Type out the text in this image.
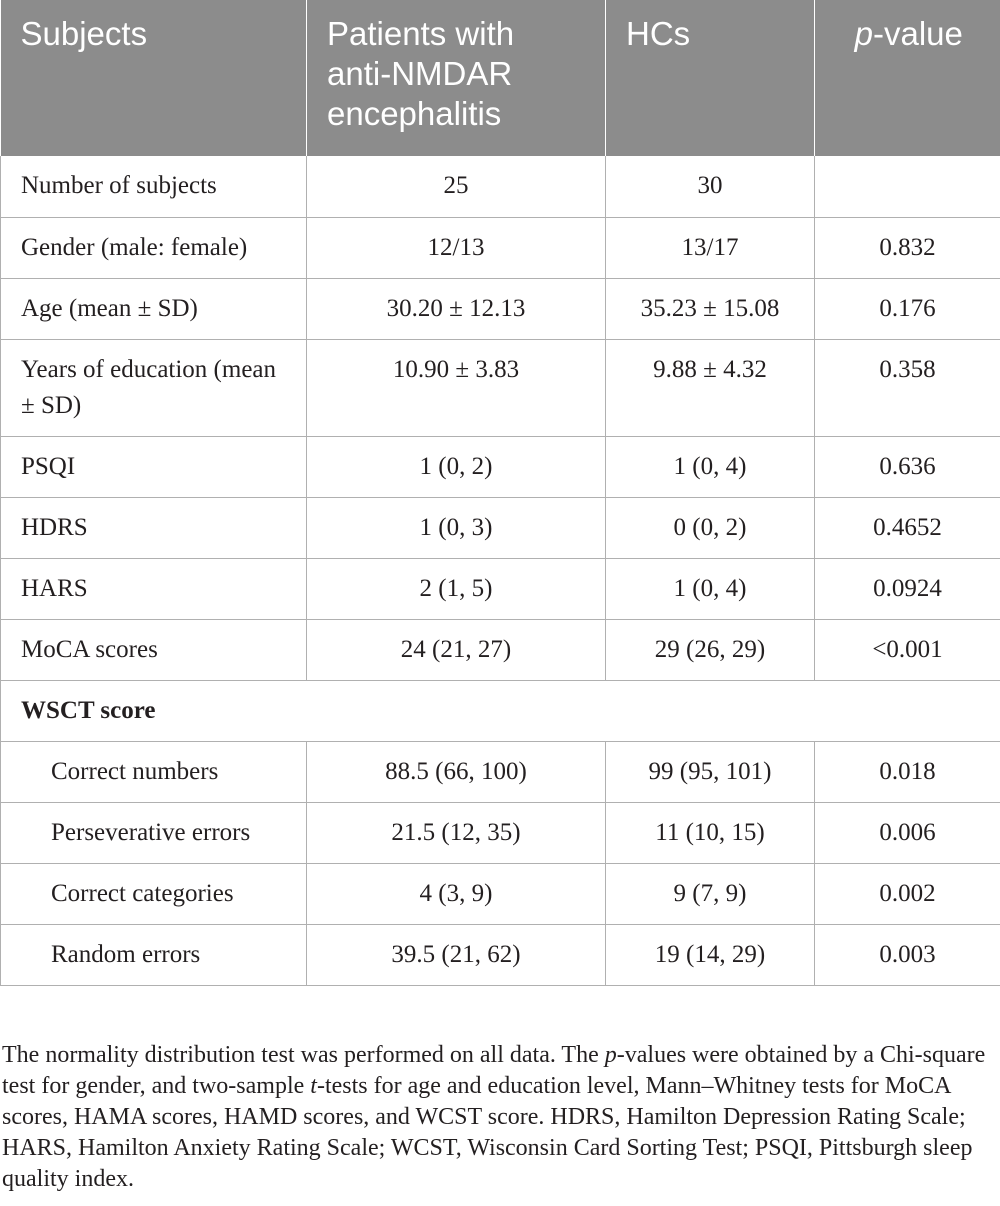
Subjects	Patients with anti-NMDAR encephalitis	HCs	p-value
Number of subjects	25	30	
Gender (male: female)	12/13	13/17	0.832
Age (mean ± SD)	30.20 ± 12.13	35.23 ± 15.08	0.176
Years of education (mean ± SD)	10.90 ± 3.83	9.88 ± 4.32	0.358
PSQI	1 (0, 2)	1 (0, 4)	0.636
HDRS	1 (0, 3)	0 (0, 2)	0.4652
HARS	2 (1, 5)	1 (0, 4)	0.0924
MoCA scores	24 (21, 27)	29 (26, 29)	<0.001
WSCT score			
Correct numbers	88.5 (66, 100)	99 (95, 101)	0.018
Perseverative errors	21.5 (12, 35)	11 (10, 15)	0.006
Correct categories	4 (3, 9)	9 (7, 9)	0.002
Random errors	39.5 (21, 62)	19 (14, 29)	0.003

The normality distribution test was performed on all data. The p-values were obtained by a Chi-square test for gender, and two-sample t-tests for age and education level, Mann–Whitney tests for MoCA scores, HAMA scores, HAMD scores, and WCST score. HDRS, Hamilton Depression Rating Scale; HARS, Hamilton Anxiety Rating Scale; WCST, Wisconsin Card Sorting Test; PSQI, Pittsburgh sleep quality index.
